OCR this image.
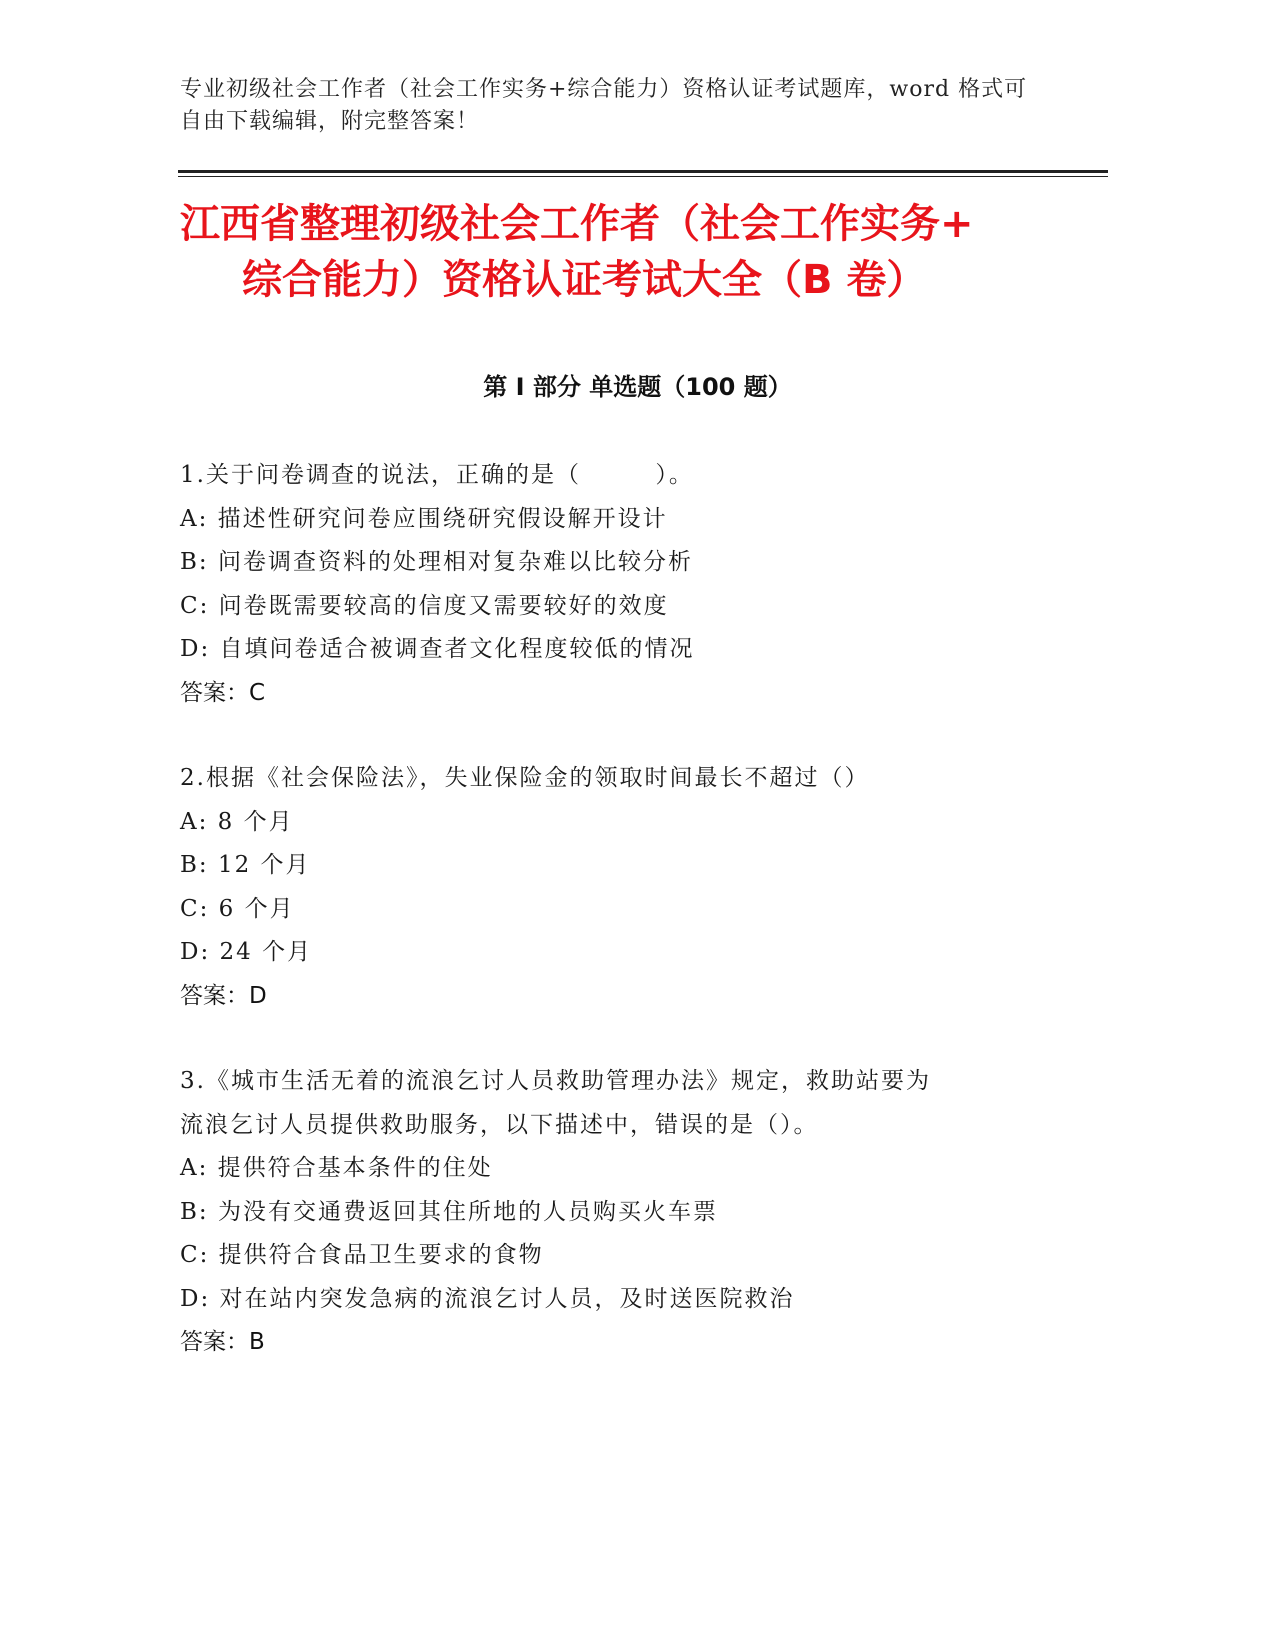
专业初级社会工作者（社会工作实务+综合能力）资格认证考试题库，word 格式可
自由下载编辑，附完整答案！
江西省整理初级社会工作者（社会工作实务+
综合能力）资格认证考试大全（B 卷）
第 I 部分 单选题（100 题）
1.关于问卷调查的说法，正确的是（        ）。
A: 描述性研究问卷应围绕研究假设解开设计
B: 问卷调查资料的处理相对复杂难以比较分析
C: 问卷既需要较高的信度又需要较好的效度
D: 自填问卷适合被调查者文化程度较低的情况
答案：C
2.根据《社会保险法》，失业保险金的领取时间最长不超过（）
A: 8 个月
B: 12 个月
C: 6 个月
D: 24 个月
答案：D
3.《城市生活无着的流浪乞讨人员救助管理办法》规定，救助站要为
流浪乞讨人员提供救助服务，以下描述中，错误的是（）。
A: 提供符合基本条件的住处
B: 为没有交通费返回其住所地的人员购买火车票
C: 提供符合食品卫生要求的食物
D: 对在站内突发急病的流浪乞讨人员，及时送医院救治
答案：B
